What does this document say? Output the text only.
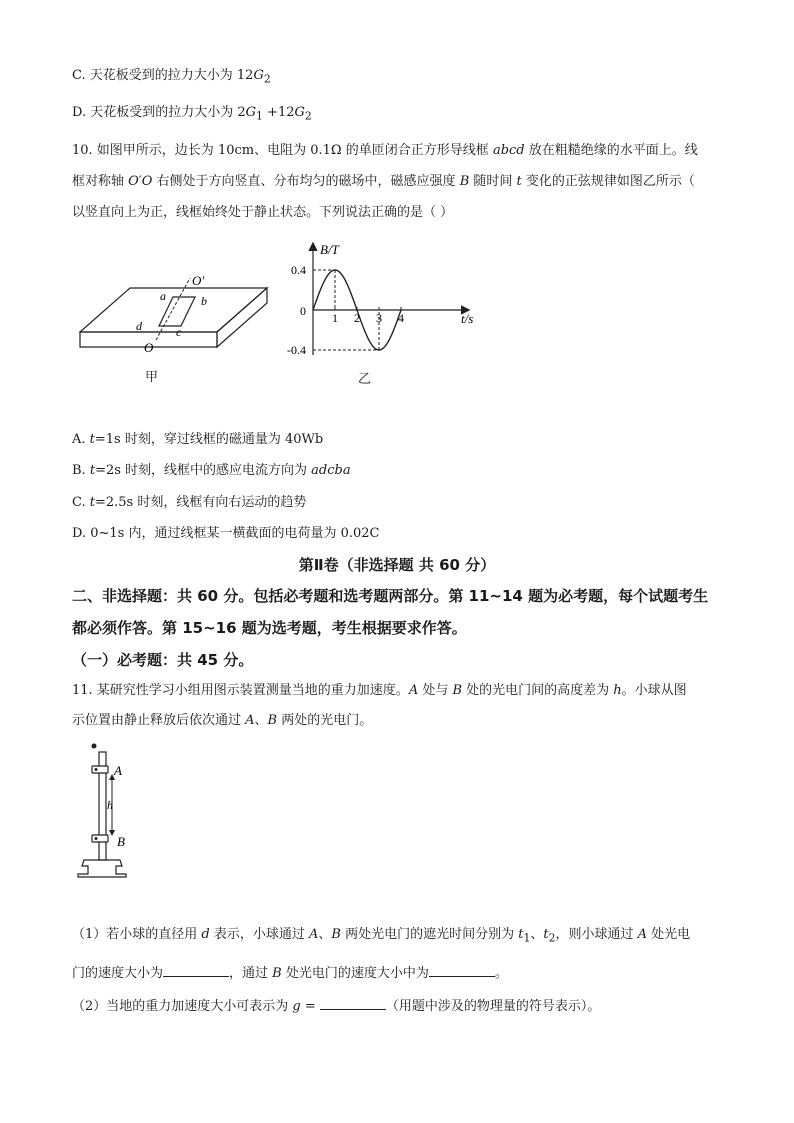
C. 天花板受到的拉力大小为 $12G_2$
D. 天花板受到的拉力大小为 $2G_1 +12G_2$
10. 如图甲所示，边长为 10cm、电阻为 0.1Ω 的单匝闭合正方形导线框 abcd 放在粗糙绝缘的水平面上。线
框对称轴 O′O 右侧处于方向竖直、分布均匀的磁场中，磁感应强度 B 随时间 t 变化的正弦规律如图乙所示（
以竖直向上为正，线框始终处于静止状态。下列说法正确的是（ ）
a	b
c
d
O′
O
甲
1 2 3 4
0.4
-0.4
B/T
t/s
0
乙
A. t=1s 时刻，穿过线框的磁通量为 40Wb
B. t=2s 时刻，线框中的感应电流方向为 adcba
C. t=2.5s 时刻，线框有向右运动的趋势
D. 0~1s 内，通过线框某一横截面的电荷量为 0.02C
第Ⅱ卷（非选择题 共 60 分）
二、非选择题：共 60 分。包括必考题和选考题两部分。第 11~14 题为必考题，每个试题考生
都必须作答。第 15~16 题为选考题，考生根据要求作答。
（一）必考题：共 45 分。
11. 某研究性学习小组用图示装置测量当地的重力加速度。A 处与 B 处的光电门间的高度差为 h。小球从图
示位置由静止释放后依次通过 A、B 两处的光电门。
A
h
B
（1）若小球的直径用 d 表示，小球通过 A、B 两处光电门的遮光时间分别为 $t_1$、$t_2$，则小球通过 A 处光电
门的速度大小为	，通过 B 处光电门的速度大小中为	。
（2）当地的重力加速度大小可表示为 g =	（用题中涉及的物理量的符号表示）。
